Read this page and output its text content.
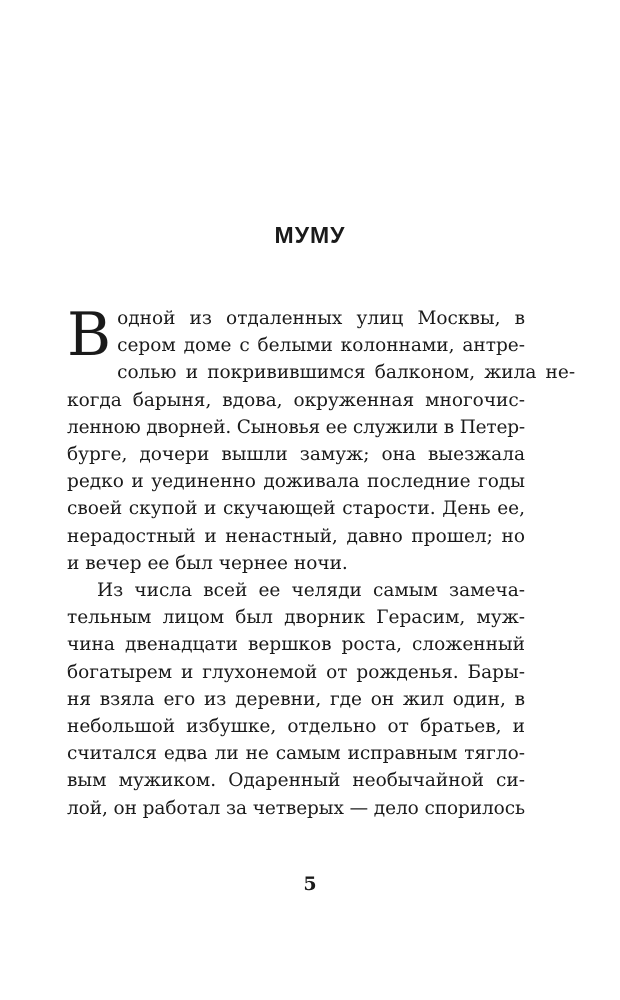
МУМУ
В одной из отдаленных улиц Москвы, в
сером доме с белыми колоннами, антре-
солью и покривившимся балконом, жила не-
когда барыня, вдова, окруженная многочис-
ленною дворней. Сыновья ее служили в Петер-
бурге, дочери вышли замуж; она выезжала
редко и уединенно доживала последние годы
своей скупой и скучающей старости. День ее,
нерадостный и ненастный, давно прошел; но
и вечер ее был чернее ночи.
Из числа всей ее челяди самым замеча-
тельным лицом был дворник Герасим, муж-
чина двенадцати вершков роста, сложенный
богатырем и глухонемой от рожденья. Бары-
ня взяла его из деревни, где он жил один, в
небольшой избушке, отдельно от братьев, и
считался едва ли не самым исправным тягло-
вым мужиком. Одаренный необычайной си-
лой, он работал за четверых — дело спорилось
5
